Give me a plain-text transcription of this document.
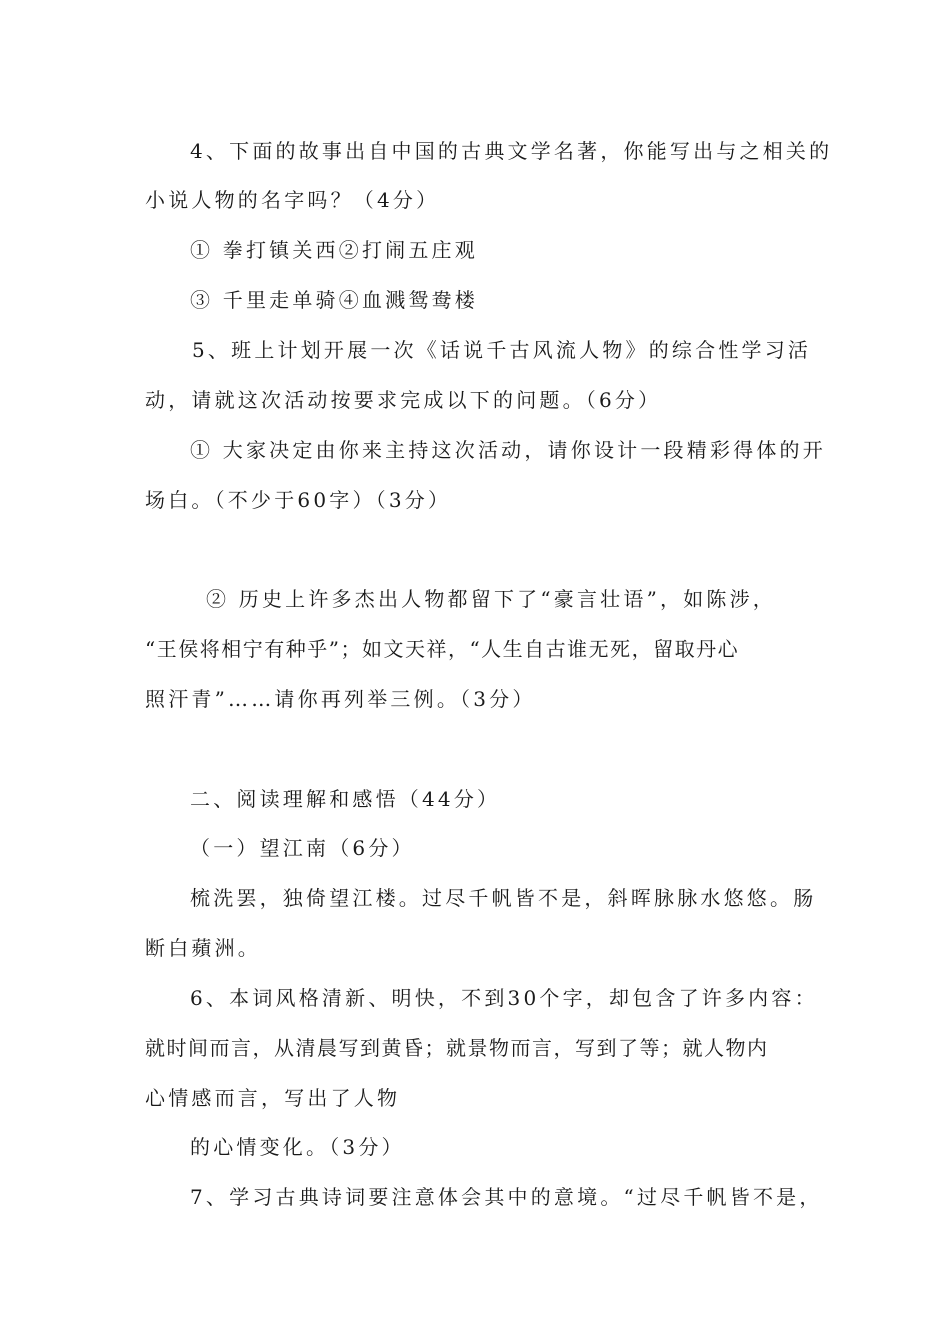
4、下面的故事出自中国的古典文学名著，你能写出与之相关的
小说人物的名字吗？（4分）
① 拳打镇关西②打闹五庄观
③ 千里走单骑④血溅鸳鸯楼
5、班上计划开展一次《话说千古风流人物》的综合性学习活
动，请就这次活动按要求完成以下的问题。（6分）
① 大家决定由你来主持这次活动，请你设计一段精彩得体的开
场白。（不少于60字）（3分）
② 历史上许多杰出人物都留下了“豪言壮语”，如陈涉，
“王侯将相宁有种乎”；如文天祥，“人生自古谁无死，留取丹心
照汗青”……请你再列举三例。（3分）
二、阅读理解和感悟（44分）
（一）望江南（6分）
梳洗罢，独倚望江楼。过尽千帆皆不是，斜晖脉脉水悠悠。肠
断白蘋洲。
6、本词风格清新、明快，不到30个字，却包含了许多内容：
就时间而言，从清晨写到黄昏；就景物而言，写到了等；就人物内
心情感而言，写出了人物
的心情变化。（3分）
7、学习古典诗词要注意体会其中的意境。“过尽千帆皆不是，
